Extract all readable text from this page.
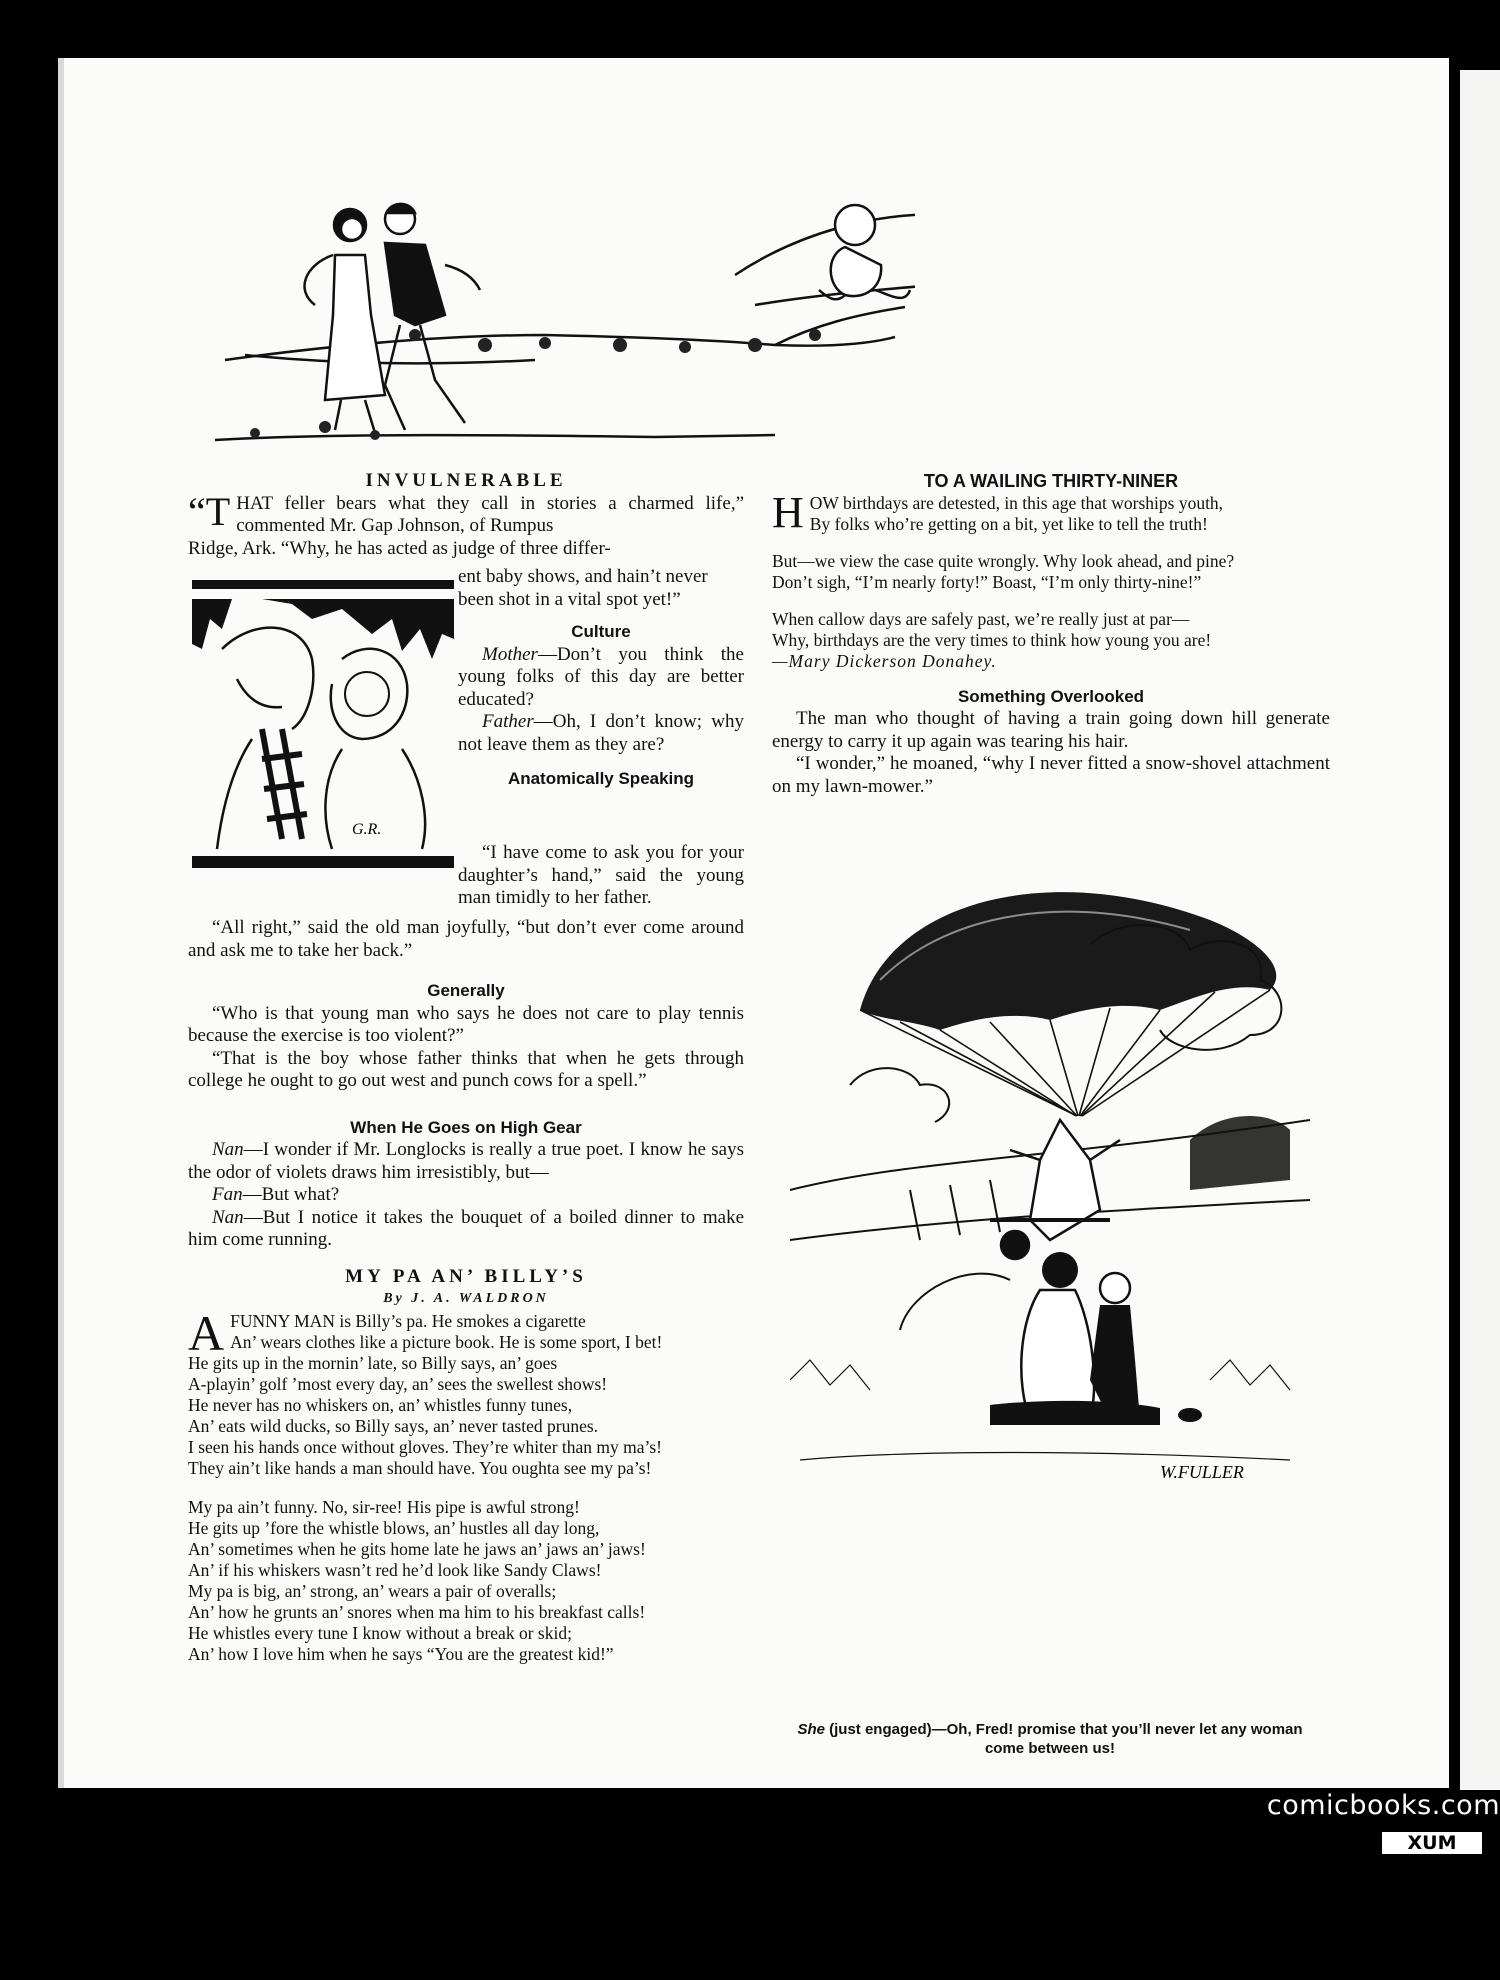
INVULNERABLE

“THAT feller bears what they call in stories a charmed life,” commented Mr. Gap Johnson, of Rumpus

Ridge, Ark. “Why, he has acted as judge of three differ-

G.R.

ent baby shows, and hain’t never been shot in a vital spot yet!”

Culture

Mother—Don’t you think the young folks of this day are better educated?

Father—Oh, I don’t know; why not leave them as they are?

Anatomically Speaking

“I have come to ask you for your daughter’s hand,” said the young man timidly to her father.

“All right,” said the old man joyfully, “but don’t ever come around and ask me to take her back.”

Generally

“Who is that young man who says he does not care to play tennis because the exercise is too violent?”

“That is the boy whose father thinks that when he gets through college he ought to go out west and punch cows for a spell.”

When He Goes on High Gear

Nan—I wonder if Mr. Longlocks is really a true poet. I know he says the odor of violets draws him irresistibly, but—

Fan—But what?

Nan—But I notice it takes the bouquet of a boiled dinner to make him come running.

MY PA AN’ BILLY’S
By J. A. WALDRON

A FUNNY MAN is Billy’s pa. He smokes a cigarette

An’ wears clothes like a picture book. He is some sport, I bet!

He gits up in the mornin’ late, so Billy says, an’ goes

A-playin’ golf ’most every day, an’ sees the swellest shows!

He never has no whiskers on, an’ whistles funny tunes,

An’ eats wild ducks, so Billy says, an’ never tasted prunes.

I seen his hands once without gloves. They’re whiter than my ma’s!

They ain’t like hands a man should have. You oughta see my pa’s!

My pa ain’t funny. No, sir-ree! His pipe is awful strong!

He gits up ’fore the whistle blows, an’ hustles all day long,

An’ sometimes when he gits home late he jaws an’ jaws an’ jaws!

An’ if his whiskers wasn’t red he’d look like Sandy Claws!

My pa is big, an’ strong, an’ wears a pair of overalls;

An’ how he grunts an’ snores when ma him to his breakfast calls!

He whistles every tune I know without a break or skid;

An’ how I love him when he says “You are the greatest kid!”

TO A WAILING THIRTY-NINER

HOW birthdays are detested, in this age that worships youth,

By folks who’re getting on a bit, yet like to tell the truth!

But—we view the case quite wrongly. Why look ahead, and pine?

Don’t sigh, “I’m nearly forty!” Boast, “I’m only thirty-nine!”

When callow days are safely past, we’re really just at par—

Why, birthdays are the very times to think how young you are!

—Mary Dickerson Donahey.

Something Overlooked

The man who thought of having a train going down hill generate energy to carry it up again was tearing his hair.

“I wonder,” he moaned, “why I never fitted a snow-shovel attachment on my lawn-mower.”

W.FULLER
She (just engaged)—Oh, Fred! promise that you’ll never let any woman come between us!
comicbooks.com
XUM
